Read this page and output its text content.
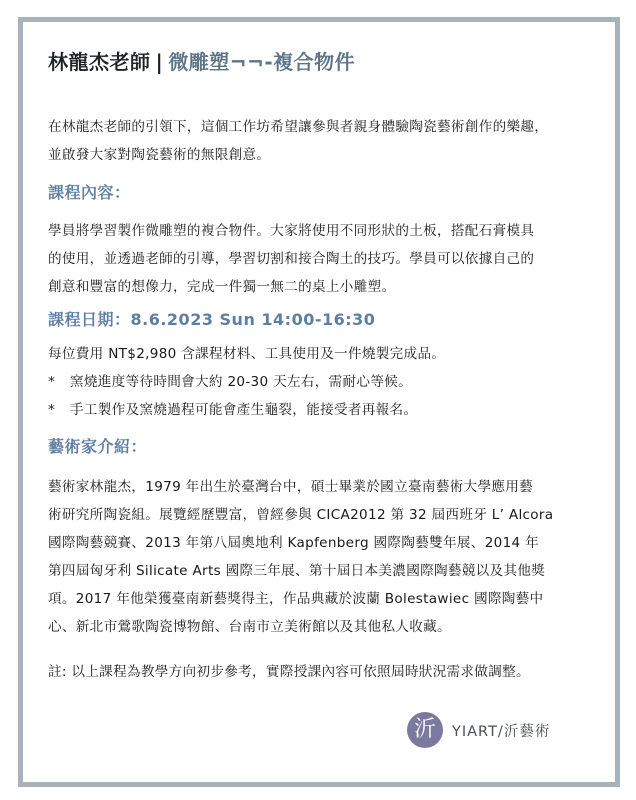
林龍杰老師 | 微雕塑¬¬-複合物件

在林龍杰老師的引領下，這個工作坊希望讓參與者親身體驗陶瓷藝術創作的樂趣，
並啟發大家對陶瓷藝術的無限創意。

課程內容：

學員將學習製作微雕塑的複合物件。大家將使用不同形狀的土板，搭配石膏模具
的使用，並透過老師的引導，學習切割和接合陶土的技巧。學員可以依據自己的
創意和豐富的想像力，完成一件獨一無二的桌上小雕塑。

課程日期：8.6.2023 Sun 14:00-16:30

每位費用 NT$2,980 含課程材料、工具使用及一件燒製完成品。
* 窯燒進度等待時間會大約 20-30 天左右，需耐心等候。
* 手工製作及窯燒過程可能會產生龜裂，能接受者再報名。

藝術家介紹：

藝術家林龍杰，1979 年出生於臺灣台中，碩士畢業於國立臺南藝術大學應用藝
術研究所陶瓷組。展覽經歷豐富，曾經參與 CICA2012 第 32 屆西班牙 L’ Alcora
國際陶藝競賽、2013 年第八屆奧地利 Kapfenberg 國際陶藝雙年展、2014 年
第四屆匈牙利 Silicate Arts 國際三年展、第十屆日本美濃國際陶藝競以及其他獎
項。2017 年他榮獲臺南新藝獎得主，作品典藏於波蘭 Bolestawiec 國際陶藝中
心、新北市鶯歌陶瓷博物館、台南市立美術館以及其他私人收藏。

註: 以上課程為教學方向初步參考，實際授課內容可依照屆時狀況需求做調整。

沂	YIART/沂藝術
